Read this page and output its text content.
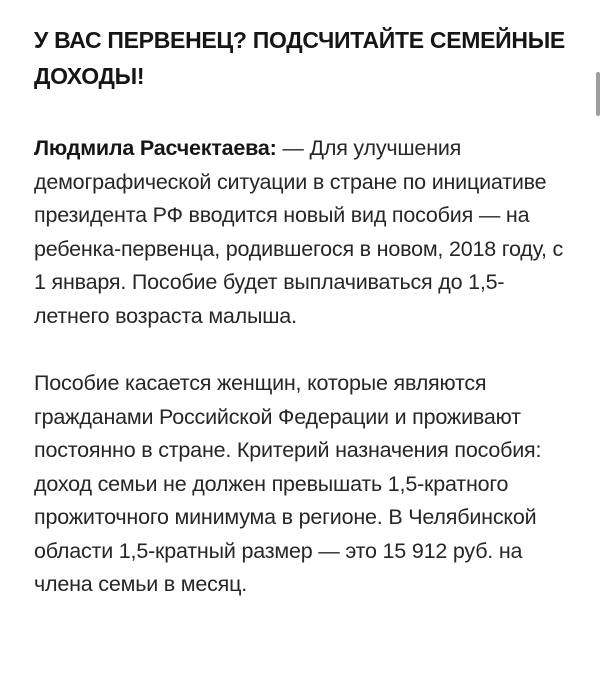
У ВАС ПЕРВЕНЕЦ? ПОДСЧИТАЙТЕ СЕМЕЙНЫЕ ДОХОДЫ!

Людмила Расчектаева: — Для улучшения демографической ситуации в стране по инициативе президента РФ вводится новый вид пособия — на ребенка-первенца, родившегося в новом, 2018 году, с 1 января. Пособие будет выплачиваться до 1,5-летнего возраста малыша.

Пособие касается женщин, которые являются гражданами Российской Федерации и проживают постоянно в стране. Критерий назначения пособия: доход семьи не должен превышать 1,5-кратного прожиточного минимума в регионе. В Челябинской области 1,5-кратный размер — это 15 912 руб. на члена семьи в месяц.
